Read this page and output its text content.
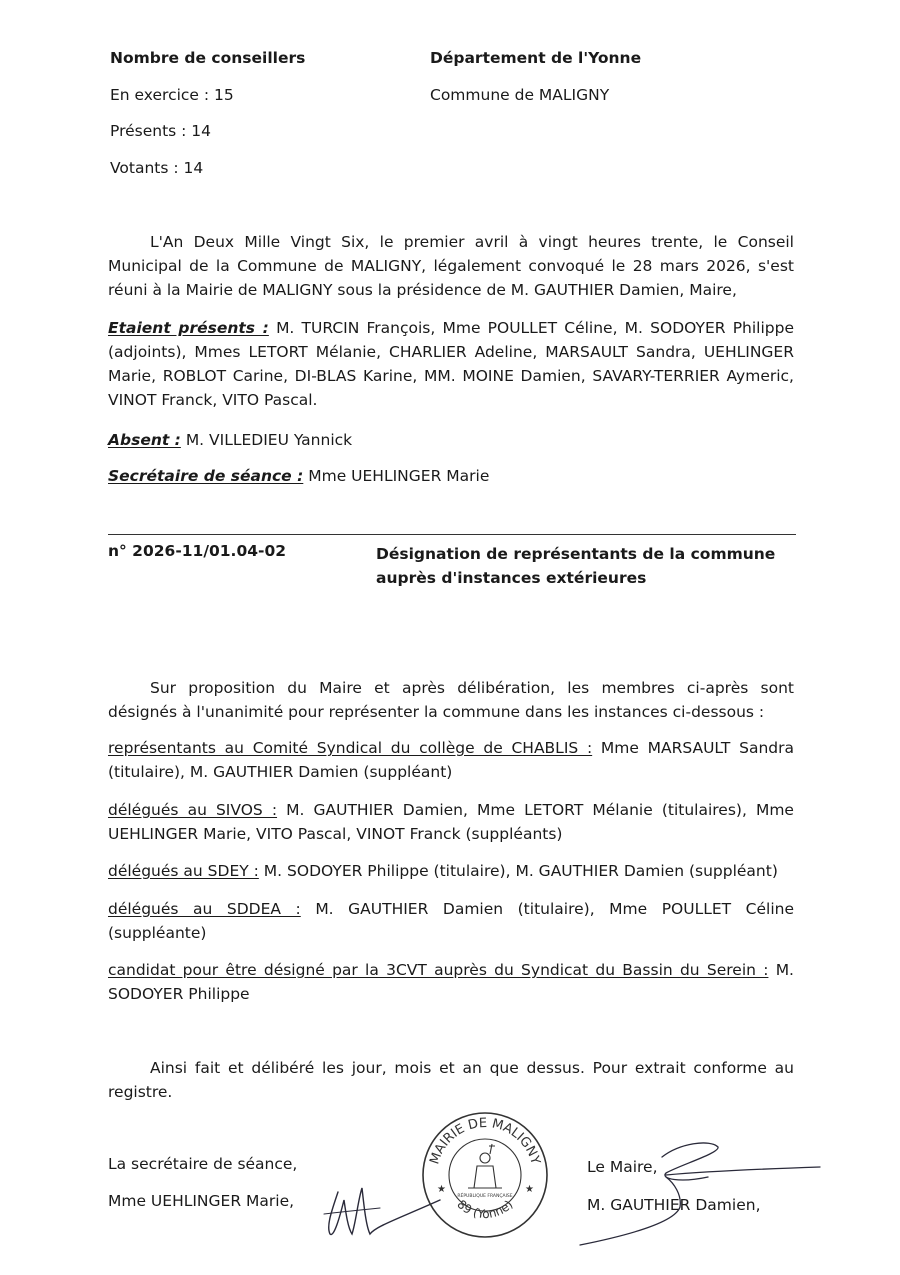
Nombre de conseillers
En exercice : 15
Présents : 14
Votants : 14
Département de l'Yonne
Commune de MALIGNY
L'An Deux Mille Vingt Six, le premier avril à vingt heures trente, le Conseil Municipal de la Commune de MALIGNY, légalement convoqué le 28 mars 2026, s'est réuni à la Mairie de MALIGNY sous la présidence de M. GAUTHIER Damien, Maire,
Etaient présents : M. TURCIN François, Mme POULLET Céline, M. SODOYER Philippe (adjoints), Mmes LETORT Mélanie, CHARLIER Adeline, MARSAULT Sandra, UEHLINGER Marie, ROBLOT Carine, DI-BLAS Karine, MM. MOINE Damien, SAVARY-TERRIER Aymeric, VINOT Franck, VITO Pascal.
Absent : M. VILLEDIEU Yannick
Secrétaire de séance : Mme UEHLINGER Marie
n° 2026-11/01.04-02	Désignation de représentants de la commune auprès d'instances extérieures
Sur proposition du Maire et après délibération, les membres ci-après sont désignés à l'unanimité pour représenter la commune dans les instances ci-dessous :
représentants au Comité Syndical du collège de CHABLIS : Mme MARSAULT Sandra (titulaire), M. GAUTHIER Damien (suppléant)
délégués au SIVOS : M. GAUTHIER Damien, Mme LETORT Mélanie (titulaires), Mme UEHLINGER Marie, VITO Pascal, VINOT Franck (suppléants)
délégués au SDEY : M. SODOYER Philippe (titulaire), M. GAUTHIER Damien (suppléant)
délégués au SDDEA : M. GAUTHIER Damien (titulaire), Mme POULLET Céline (suppléante)
candidat pour être désigné par la 3CVT auprès du Syndicat du Bassin du Serein : M. SODOYER Philippe
Ainsi fait et délibéré les jour, mois et an que dessus. Pour extrait conforme au registre.
La secrétaire de séance,
Mme UEHLINGER Marie,
Le Maire,
M. GAUTHIER Damien,
MAIRIE DE MALIGNY
89 (Yonne)
★	★
RÉPUBLIQUE FRANÇAISE
